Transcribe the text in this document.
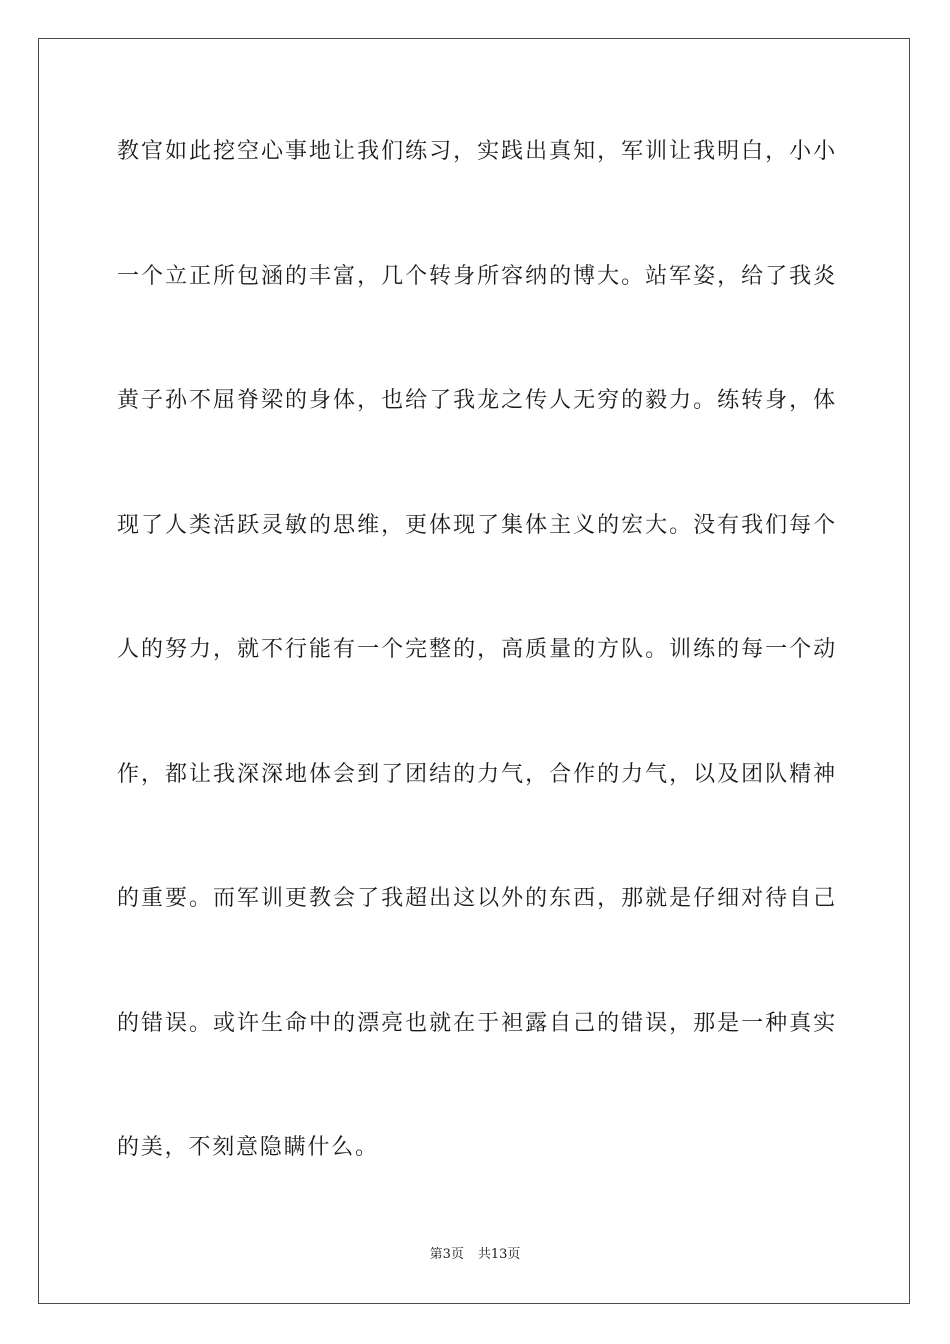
教官如此挖空心事地让我们练习，实践出真知，军训让我明白，小小
一个立正所包涵的丰富，几个转身所容纳的博大。站军姿，给了我炎
黄子孙不屈脊梁的身体，也给了我龙之传人无穷的毅力。练转身，体
现了人类活跃灵敏的思维，更体现了集体主义的宏大。没有我们每个
人的努力，就不行能有一个完整的，高质量的方队。训练的每一个动
作，都让我深深地体会到了团结的力气，合作的力气，以及团队精神
的重要。而军训更教会了我超出这以外的东西，那就是仔细对待自己
的错误。或许生命中的漂亮也就在于袒露自己的错误，那是一种真实
的美，不刻意隐瞒什么。
第3页 共13页
